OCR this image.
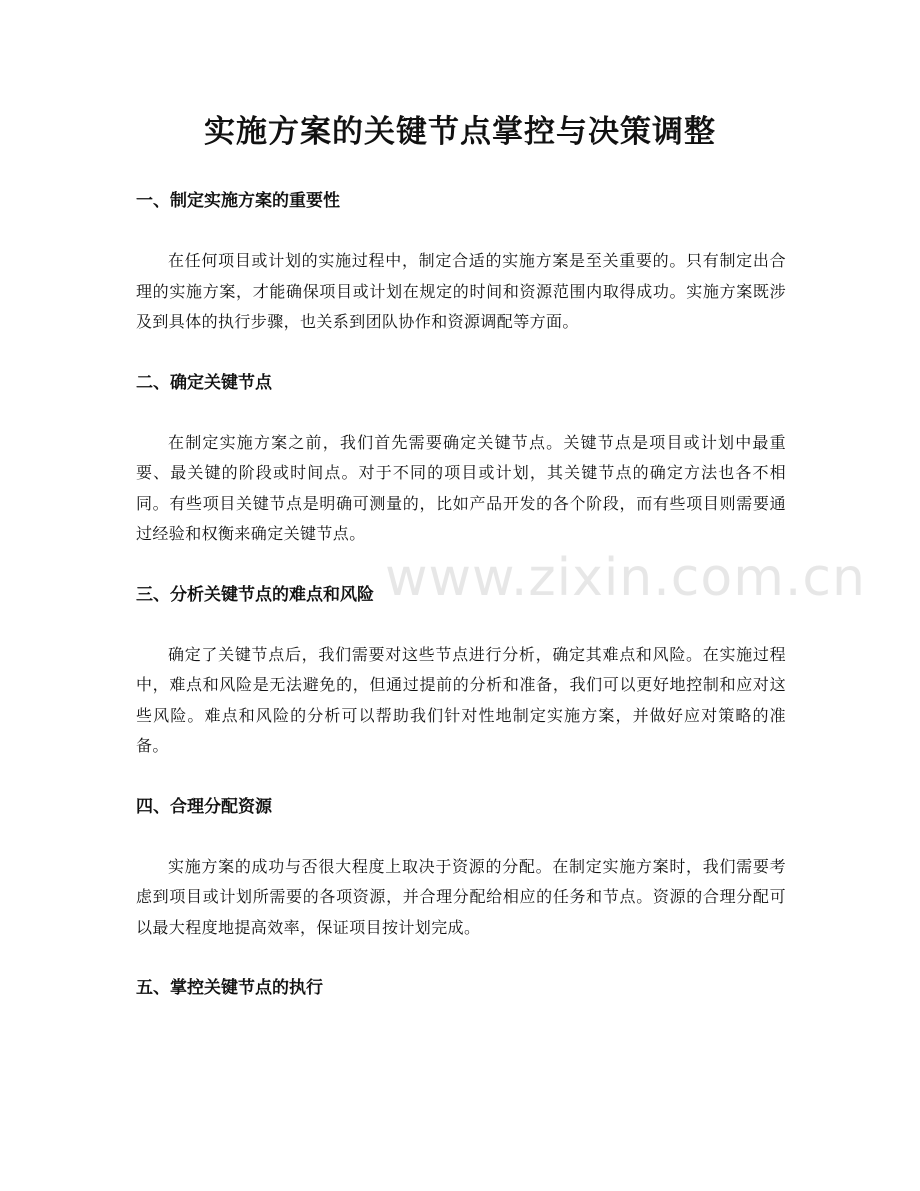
实施方案的关键节点掌控与决策调整
www.zixin.com.cn
一、制定实施方案的重要性

在任何项目或计划的实施过程中，制定合适的实施方案是至关重要的。只有制定出合理的实施方案，才能确保项目或计划在规定的时间和资源范围内取得成功。实施方案既涉及到具体的执行步骤，也关系到团队协作和资源调配等方面。

二、确定关键节点

在制定实施方案之前，我们首先需要确定关键节点。关键节点是项目或计划中最重要、最关键的阶段或时间点。对于不同的项目或计划，其关键节点的确定方法也各不相同。有些项目关键节点是明确可测量的，比如产品开发的各个阶段，而有些项目则需要通过经验和权衡来确定关键节点。

三、分析关键节点的难点和风险

确定了关键节点后，我们需要对这些节点进行分析，确定其难点和风险。在实施过程中，难点和风险是无法避免的，但通过提前的分析和准备，我们可以更好地控制和应对这些风险。难点和风险的分析可以帮助我们针对性地制定实施方案，并做好应对策略的准备。

四、合理分配资源

实施方案的成功与否很大程度上取决于资源的分配。在制定实施方案时，我们需要考虑到项目或计划所需要的各项资源，并合理分配给相应的任务和节点。资源的合理分配可以最大程度地提高效率，保证项目按计划完成。

五、掌控关键节点的执行
